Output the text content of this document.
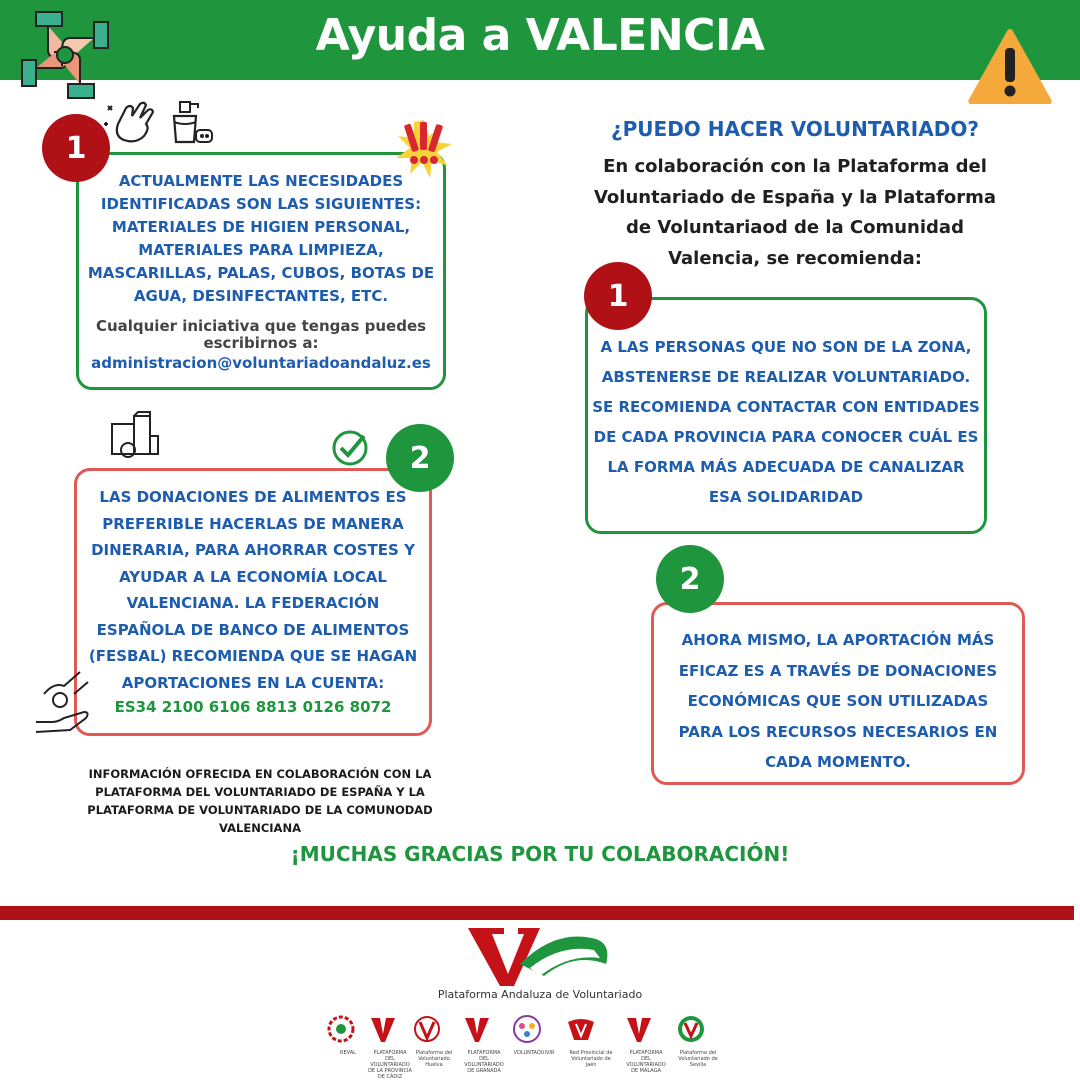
Ayuda a VALENCIA
1
ACTUALMENTE LAS NECESIDADES IDENTIFICADAS SON LAS SIGUIENTES: MATERIALES DE HIGIEN PERSONAL, MATERIALES PARA LIMPIEZA, MASCARILLAS, PALAS, CUBOS, BOTAS DE AGUA, DESINFECTANTES, ETC.
Cualquier iniciativa que tengas puedes escribirnos a:
administracion@voluntariadoandaluz.es
2
LAS DONACIONES DE ALIMENTOS ES PREFERIBLE HACERLAS DE MANERA DINERARIA, PARA AHORRAR COSTES Y AYUDAR A LA ECONOMÍA LOCAL VALENCIANA. LA FEDERACIÓN ESPAÑOLA DE BANCO DE ALIMENTOS (FESBAL) RECOMIENDA QUE SE HAGAN APORTACIONES EN LA CUENTA:
ES34 2100 6106 8813 0126 8072
INFORMACIÓN OFRECIDA EN COLABORACIÓN CON LA PLATAFORMA DEL VOLUNTARIADO DE ESPAÑA Y LA PLATAFORMA DE VOLUNTARIADO DE LA COMUNODAD VALENCIANA
¿PUEDO HACER VOLUNTARIADO?
En colaboración con la Plataforma del Voluntariado de España y la Plataforma de Voluntariaod de la Comunidad Valencia, se recomienda:
1
A LAS PERSONAS QUE NO SON DE LA ZONA, ABSTENERSE DE REALIZAR VOLUNTARIADO. SE RECOMIENDA CONTACTAR CON ENTIDADES DE CADA PROVINCIA PARA CONOCER CUÁL ES LA FORMA MÁS ADECUADA DE CANALIZAR ESA SOLIDARIDAD
2
AHORA MISMO, LA APORTACIÓN MÁS EFICAZ ES A TRAVÉS DE DONACIONES ECONÓMICAS QUE SON UTILIZADAS PARA LOS RECURSOS NECESARIOS EN CADA MOMENTO.
¡MUCHAS GRACIAS POR TU COLABORACIÓN!
Plataforma Andaluza de Voluntariado
REVAL	PLATAFORMA DEL VOLUNTARIADO DE LA PROVINCIA DE CÁDIZ
Plataforma del Voluntariado Huelva
PLATAFORMA DEL VOLUNTARIADO DE GRANADA
VOLUNTAQUIVIR	Red Provincial de Voluntariado de Jaén
PLATAFORMA DEL VOLUNTARIADO DE MÁLAGA
Plataforma del Voluntariado de Sevilla
